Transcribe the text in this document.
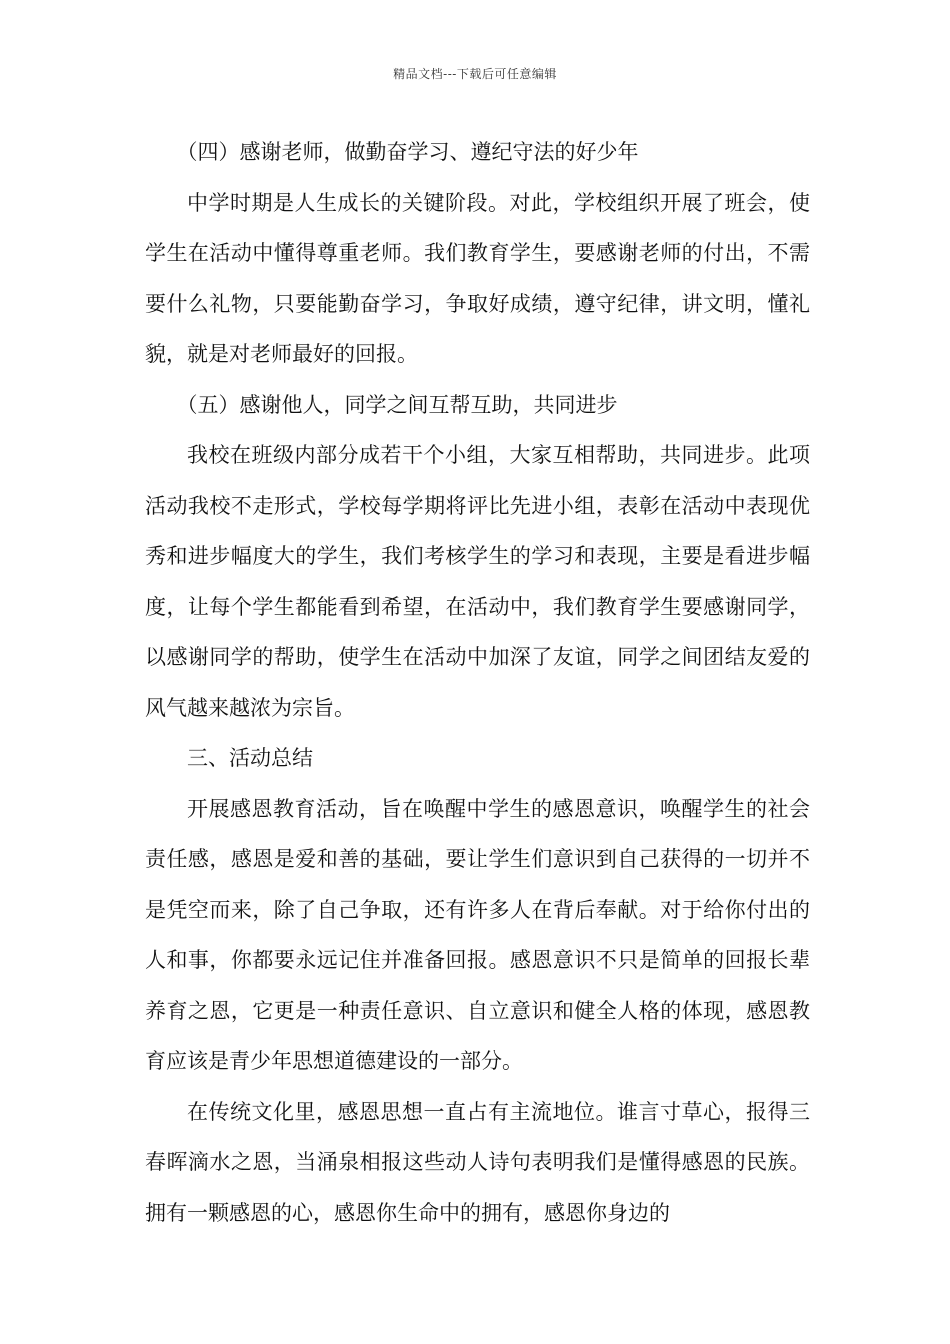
精品文档---下载后可任意编辑

（四）感谢老师，做勤奋学习、遵纪守法的好少年

中学时期是人生成长的关键阶段。对此，学校组织开展了班会，使学生在活动中懂得尊重老师。我们教育学生，要感谢老师的付出，不需要什么礼物，只要能勤奋学习，争取好成绩，遵守纪律，讲文明，懂礼貌，就是对老师最好的回报。

（五）感谢他人，同学之间互帮互助，共同进步

我校在班级内部分成若干个小组，大家互相帮助，共同进步。此项活动我校不走形式，学校每学期将评比先进小组，表彰在活动中表现优秀和进步幅度大的学生，我们考核学生的学习和表现，主要是看进步幅度，让每个学生都能看到希望，在活动中，我们教育学生要感谢同学，以感谢同学的帮助，使学生在活动中加深了友谊，同学之间团结友爱的风气越来越浓为宗旨。

三、活动总结

开展感恩教育活动，旨在唤醒中学生的感恩意识，唤醒学生的社会责任感，感恩是爱和善的基础，要让学生们意识到自己获得的一切并不是凭空而来，除了自己争取，还有许多人在背后奉献。对于给你付出的人和事，你都要永远记住并准备回报。感恩意识不只是简单的回报长辈养育之恩，它更是一种责任意识、自立意识和健全人格的体现，感恩教育应该是青少年思想道德建设的一部分。

在传统文化里，感恩思想一直占有主流地位。谁言寸草心，报得三春晖滴水之恩，当涌泉相报这些动人诗句表明我们是懂得感恩的民族。拥有一颗感恩的心，感恩你生命中的拥有，感恩你身边的
